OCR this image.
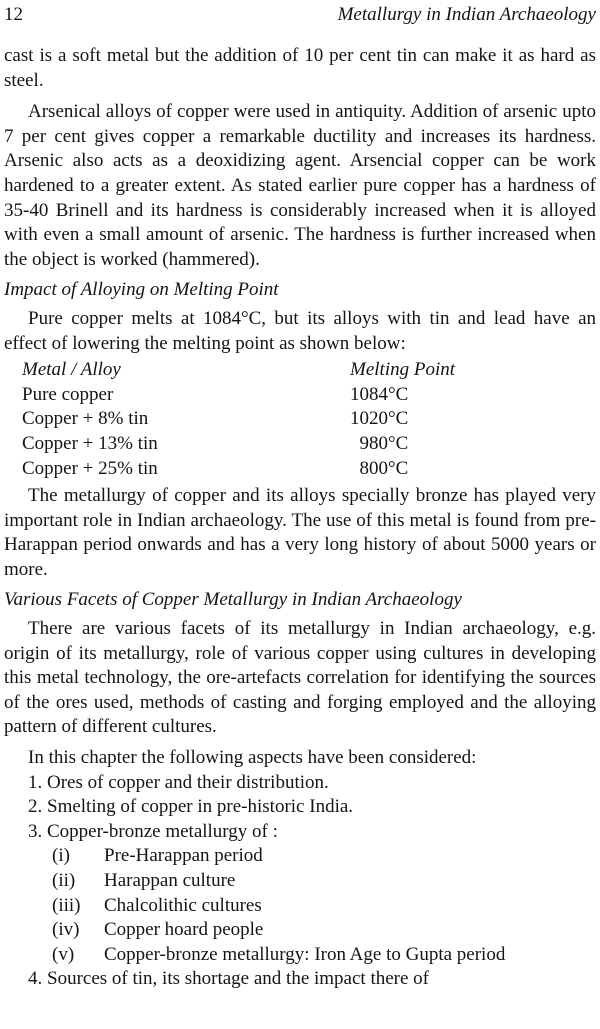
12	Metallurgy in Indian Archaeology

cast is a soft metal but the addition of 10 per cent tin can make it as hard as steel.

Arsenical alloys of copper were used in antiquity. Addition of arsenic upto 7 per cent gives copper a remarkable ductility and increases its hardness. Arsenic also acts as a deoxidizing agent. Arsencial copper can be work hardened to a greater extent. As stated earlier pure copper has a hardness of 35-40 Brinell and its hardness is considerably increased when it is alloyed with even a small amount of arsenic. The hardness is further increased when the object is worked (hammered).

Impact of Alloying on Melting Point

Pure copper melts at 1084°C, but its alloys with tin and lead have an effect of lowering the melting point as shown below:

Metal / Alloy	Melting Point
Pure copper	1084°C
Copper + 8% tin	1020°C
Copper + 13% tin	980°C
Copper + 25% tin	800°C

The metallurgy of copper and its alloys specially bronze has played very important role in Indian archaeology. The use of this metal is found from pre-Harappan period onwards and has a very long history of about 5000 years or more.

Various Facets of Copper Metallurgy in Indian Archaeology

There are various facets of its metallurgy in Indian archaeology, e.g. origin of its metallurgy, role of various copper using cultures in developing this metal technology, the ore-artefacts correlation for identifying the sources of the ores used, methods of casting and forging employed and the alloying pattern of different cultures.

In this chapter the following aspects have been considered:

1. Ores of copper and their distribution.
2. Smelting of copper in pre-historic India.
3. Copper-bronze metallurgy of :
(i)	Pre-Harappan period
(ii)	Harappan culture
(iii)	Chalcolithic cultures
(iv)	Copper hoard people
(v)	Copper-bronze metallurgy: Iron Age to Gupta period
4. Sources of tin, its shortage and the impact there of
